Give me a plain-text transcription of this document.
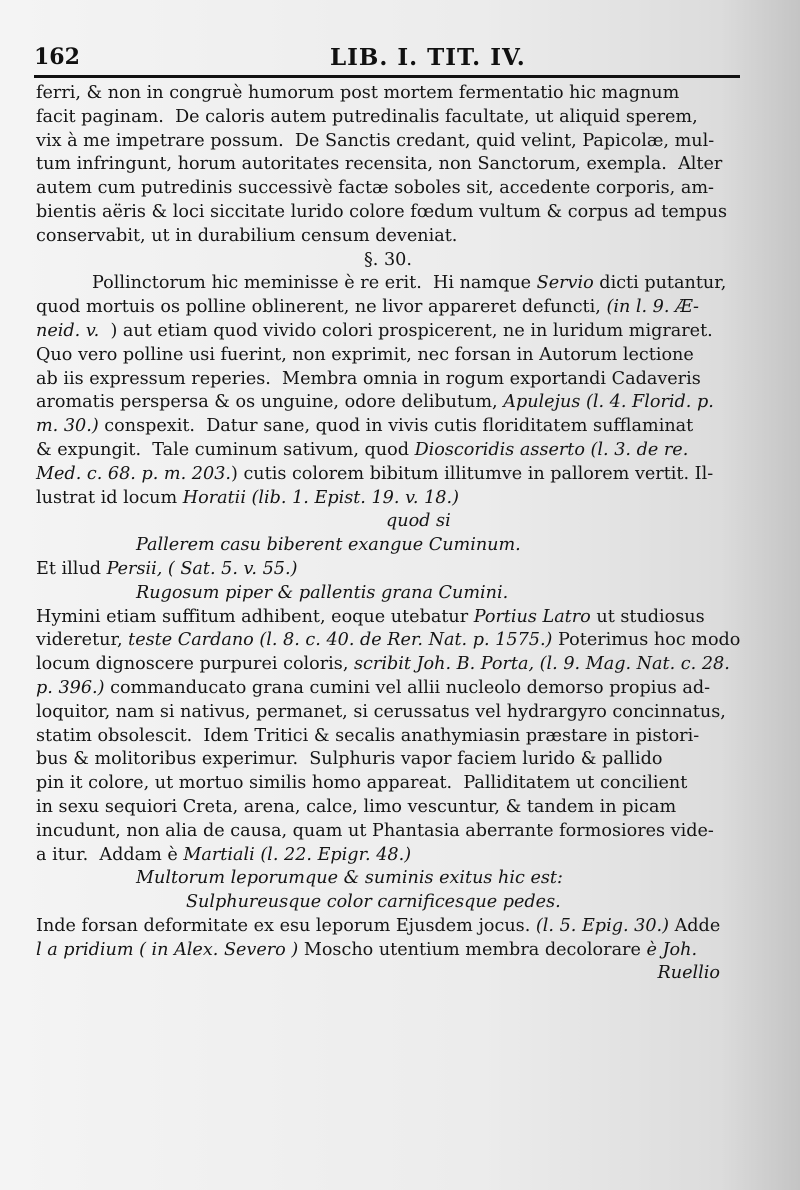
162	LIB. I. TIT. IV.
ferri, & non in congruè humorum post mortem fermentatio hic magnum
facit paginam.  De caloris autem putredinalis facultate, ut aliquid sperem,
vix à me impetrare possum.  De Sanctis credant, quid velint, Papicolæ, mul-
tum infringunt, horum autoritates recensita, non Sanctorum, exempla.  Alter
autem cum putredinis successivè factæ soboles sit, accedente corporis, am-
bientis aëris & loci siccitate lurido colore fœdum vultum & corpus ad tempus
conservabit, ut in durabilium censum deveniat.
§. 30.
Pollinctorum hic meminisse è re erit.  Hi namque Servio dicti putantur,
quod mortuis os polline oblinerent, ne livor appareret defuncti, (in l. 9. Æ-
neid. v.  ) aut etiam quod vivido colori prospicerent, ne in luridum migraret.
Quo vero polline usi fuerint, non exprimit, nec forsan in Autorum lectione
ab iis expressum reperies.  Membra omnia in rogum exportandi Cadaveris
aromatis perspersa & os unguine, odore delibutum, Apulejus (l. 4. Florid. p.
m. 30.) conspexit.  Datur sane, quod in vivis cutis floriditatem sufflaminat
& expungit.  Tale cuminum sativum, quod Dioscoridis asserto (l. 3. de re.
Med. c. 68. p. m. 203.) cutis colorem bibitum illitumve in pallorem vertit. Il-
lustrat id locum Horatii (lib. 1. Epist. 19. v. 18.)
quod si
Pallerem casu biberent exangue Cuminum.
Et illud Persii, ( Sat. 5. v. 55.)
Rugosum piper & pallentis grana Cumini.
Hymini etiam suffitum adhibent, eoque utebatur Portius Latro ut studiosus
videretur, teste Cardano (l. 8. c. 40. de Rer. Nat. p. 1575.) Poterimus hoc modo
locum dignoscere purpurei coloris, scribit Joh. B. Porta, (l. 9. Mag. Nat. c. 28.
p. 396.) commanducato grana cumini vel allii nucleolo demorso propius ad-
loquitor, nam si nativus, permanet, si cerussatus vel hydrargyro concinnatus,
statim obsolescit.  Idem Tritici & secalis anathymiasin præstare in pistori-
bus & molitoribus experimur.  Sulphuris vapor faciem lurido & pallido
pin it colore, ut mortuo similis homo appareat.  Palliditatem ut concilient
in sexu sequiori Creta, arena, calce, limo vescuntur, & tandem in picam
incudunt, non alia de causa, quam ut Phantasia aberrante formosiores vide-
a itur.  Addam è Martiali (l. 22. Epigr. 48.)
Multorum leporumque & suminis exitus hic est:
Sulphureusque color carnificesque pedes.
Inde forsan deformitate ex esu leporum Ejusdem jocus. (l. 5. Epig. 30.) Adde
l a pridium ( in Alex. Severo ) Moscho utentium membra decolorare è Joh.
Ruellio
